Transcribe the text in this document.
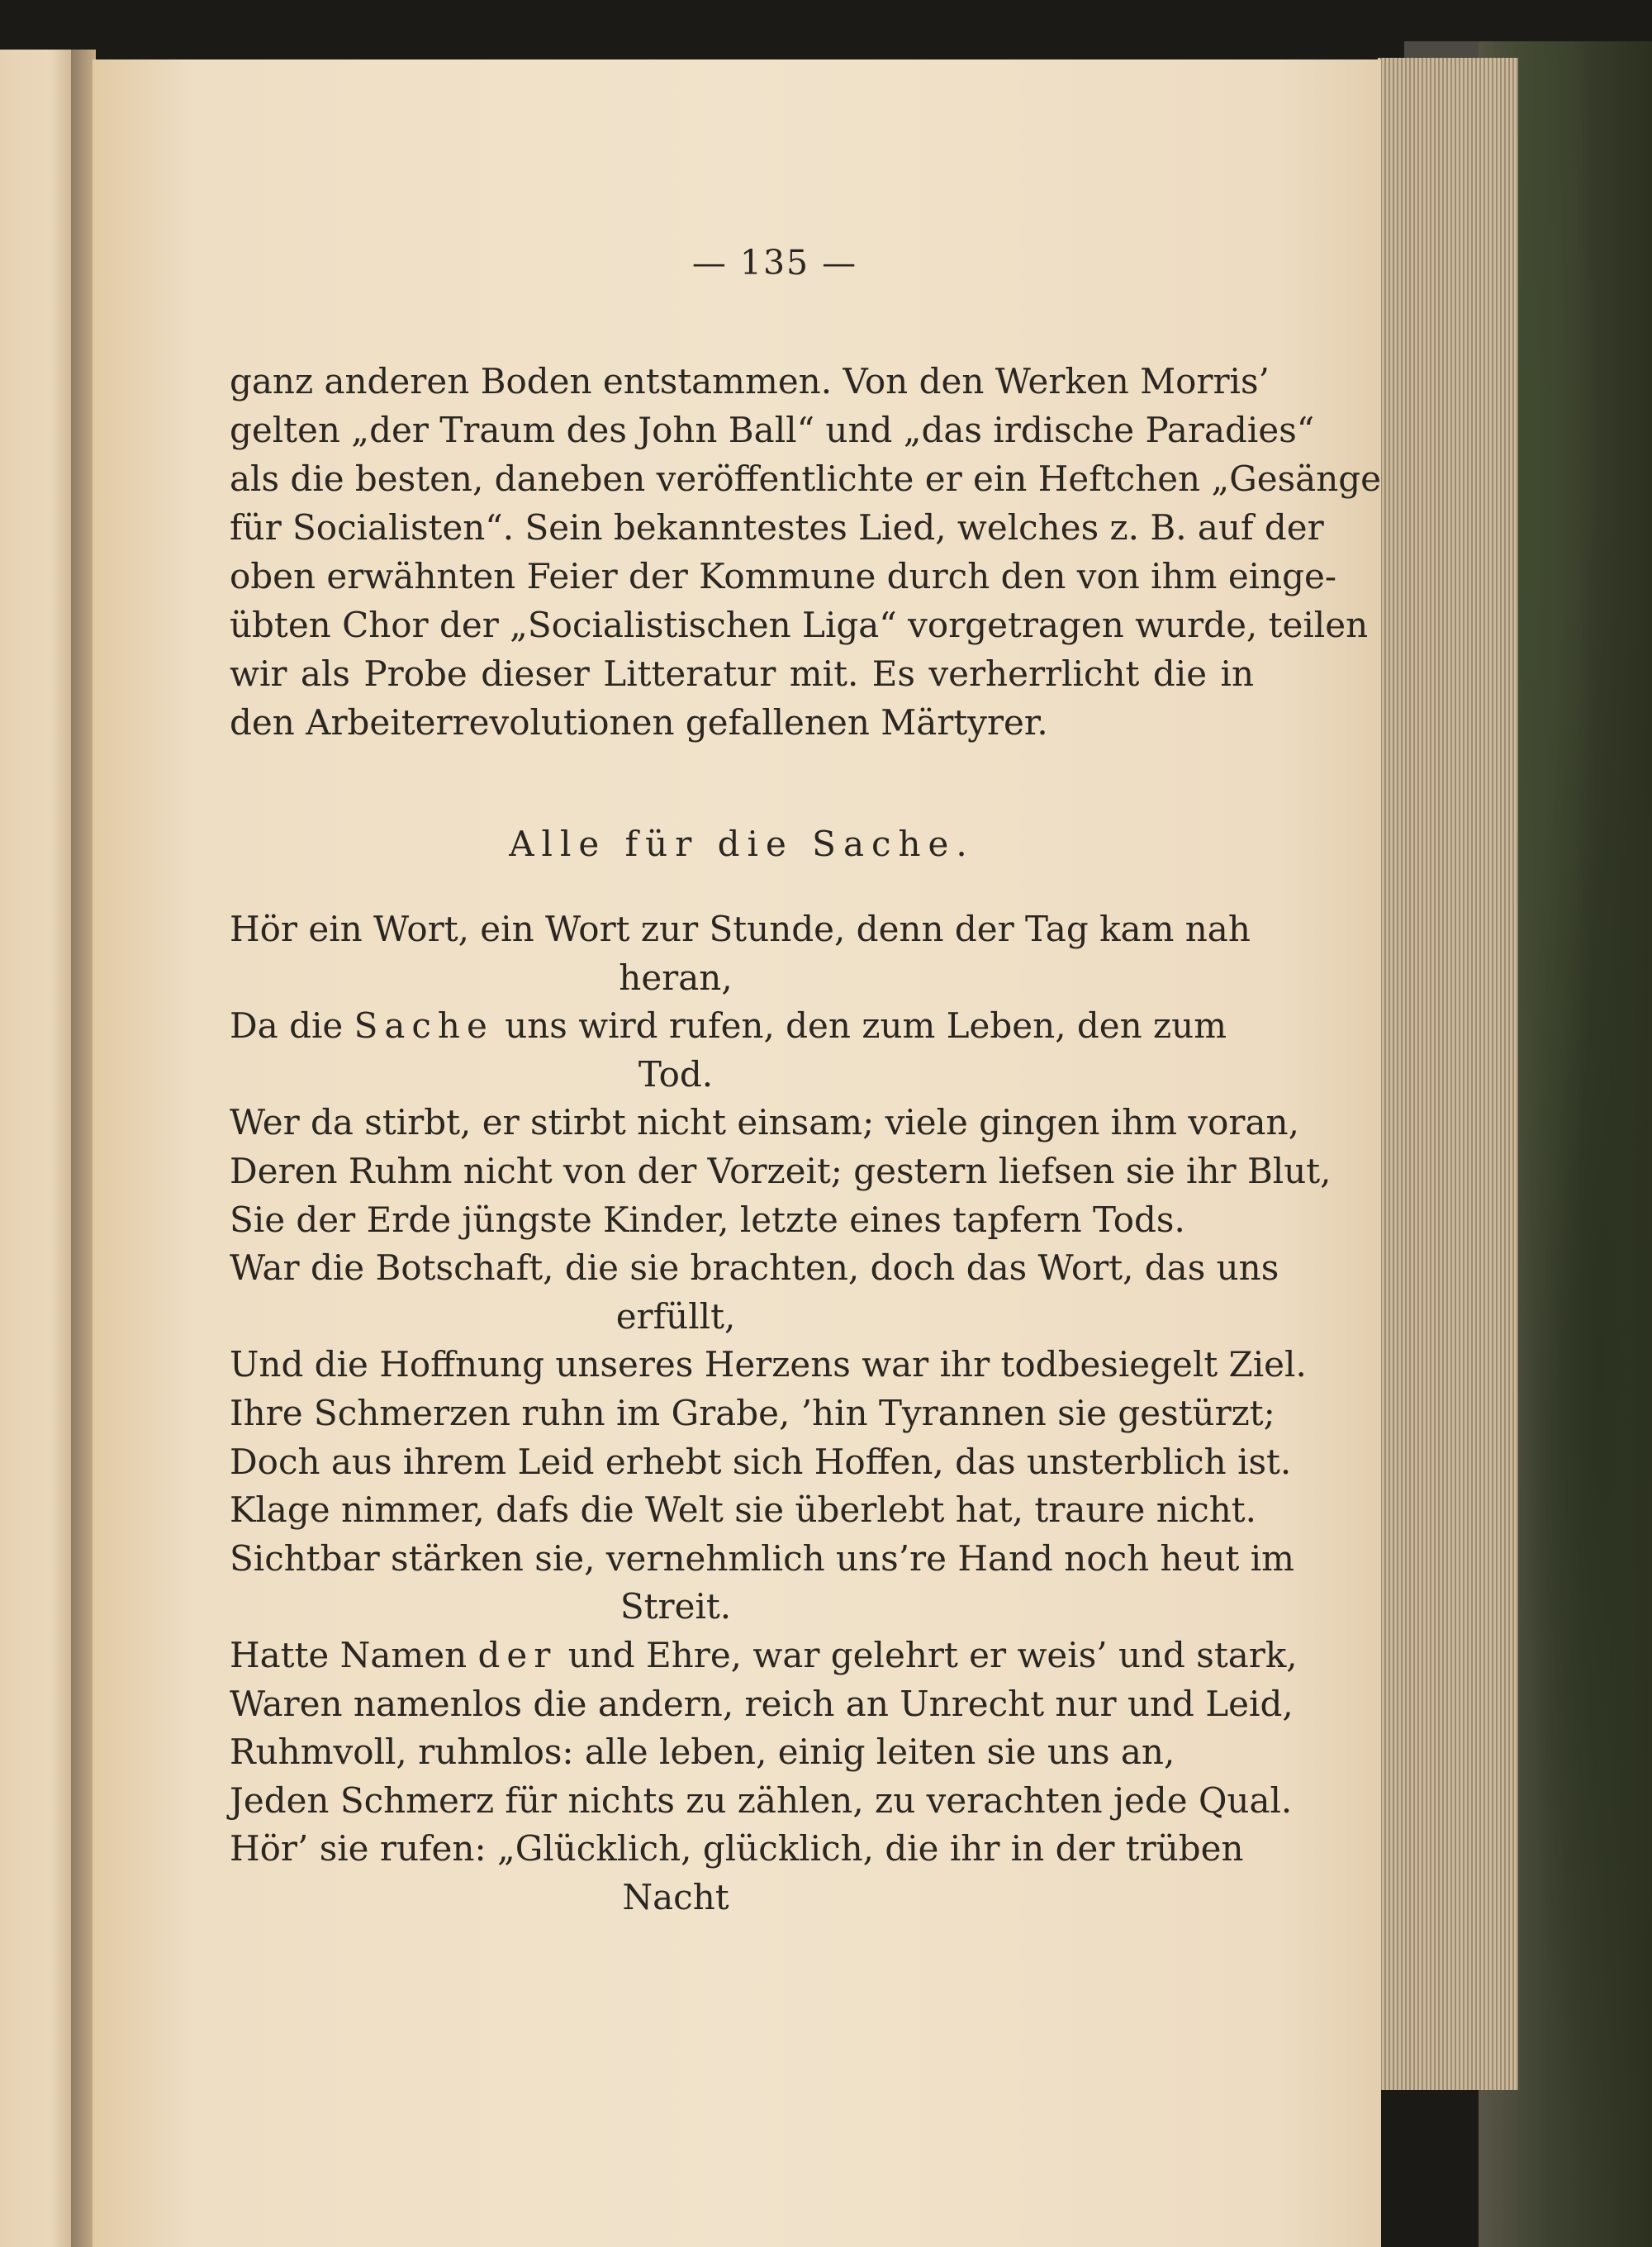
— 135 —
ganz anderen Boden entstammen. Von den Werken Morris’
gelten „der Traum des John Ball“ und „das irdische Paradies“
als die besten, daneben veröffentlichte er ein Heftchen „Gesänge
für Socialisten“. Sein bekanntestes Lied, welches z. B. auf der
oben erwähnten Feier der Kommune durch den von ihm einge-
übten Chor der „Socialistischen Liga“ vorgetragen wurde, teilen
wir als Probe dieser Litteratur mit. Es verherrlicht die in
den Arbeiterrevolutionen gefallenen Märtyrer.
Alle für die Sache.
Hör ein Wort, ein Wort zur Stunde, denn der Tag kam nah
heran,
Da die Sache uns wird rufen, den zum Leben, den zum
Tod.
Wer da stirbt, er stirbt nicht einsam; viele gingen ihm voran,
Deren Ruhm nicht von der Vorzeit; gestern liefsen sie ihr Blut,
Sie der Erde jüngste Kinder, letzte eines tapfern Tods.
War die Botschaft, die sie brachten, doch das Wort, das uns
erfüllt,
Und die Hoffnung unseres Herzens war ihr todbesiegelt Ziel.
Ihre Schmerzen ruhn im Grabe, ’hin Tyrannen sie gestürzt;
Doch aus ihrem Leid erhebt sich Hoffen, das unsterblich ist.
Klage nimmer, dafs die Welt sie überlebt hat, traure nicht.
Sichtbar stärken sie, vernehmlich uns’re Hand noch heut im
Streit.
Hatte Namen der und Ehre, war gelehrt er weis’ und stark,
Waren namenlos die andern, reich an Unrecht nur und Leid,
Ruhmvoll, ruhmlos: alle leben, einig leiten sie uns an,
Jeden Schmerz für nichts zu zählen, zu verachten jede Qual.
Hör’ sie rufen: „Glücklich, glücklich, die ihr in der trüben
Nacht
